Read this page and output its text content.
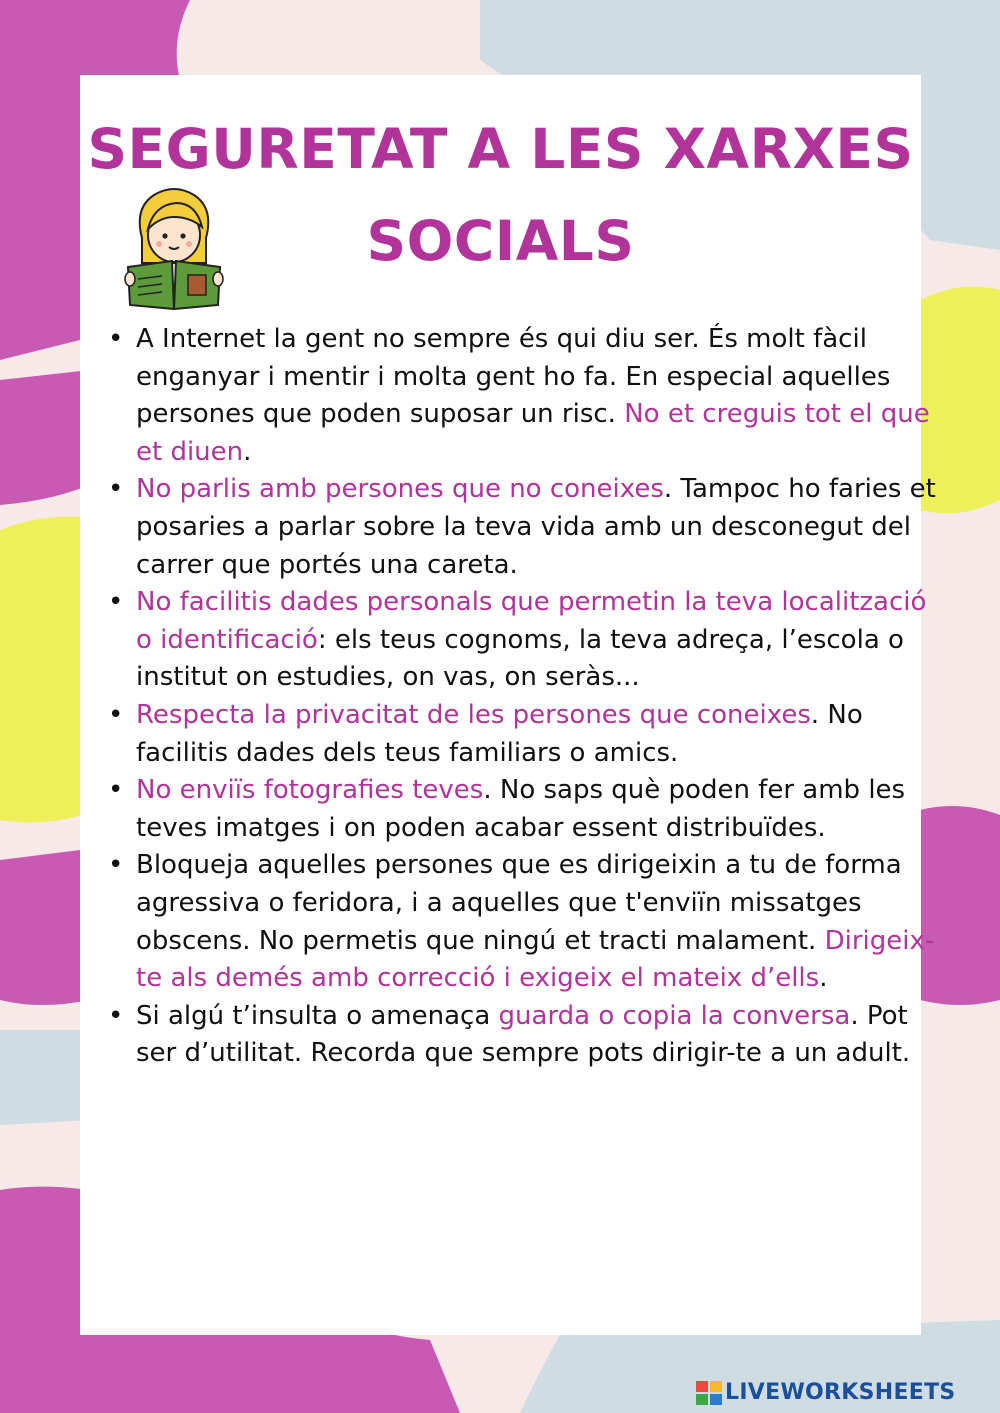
SEGURETAT A LES XARXES
SOCIALS
• A Internet la gent no sempre és qui diu ser. És molt fàcil enganyar i mentir i molta gent ho fa. En especial aquelles persones que poden suposar un risc. No et creguis tot el que et diuen.
• No parlis amb persones que no coneixes. Tampoc ho faries et posaries a parlar sobre la teva vida amb un desconegut del carrer que portés una careta.
• No facilitis dades personals que permetin la teva localització o identificació: els teus cognoms, la teva adreça, l’escola o institut on estudies, on vas, on seràs...
• Respecta la privacitat de les persones que coneixes. No facilitis dades dels teus familiars o amics.
• No enviïs fotografies teves. No saps què poden fer amb les teves imatges i on poden acabar essent distribuïdes.
• Bloqueja aquelles persones que es dirigeixin a tu de forma agressiva o feridora, i a aquelles que t'enviïn missatges obscens. No permetis que ningú et tracti malament. Dirigeix-te als demés amb correcció i exigeix el mateix d’ells.
• Si algú t’insulta o amenaça guarda o copia la conversa. Pot ser d’utilitat. Recorda que sempre pots dirigir-te a un adult.
LIVEWORKSHEETS
